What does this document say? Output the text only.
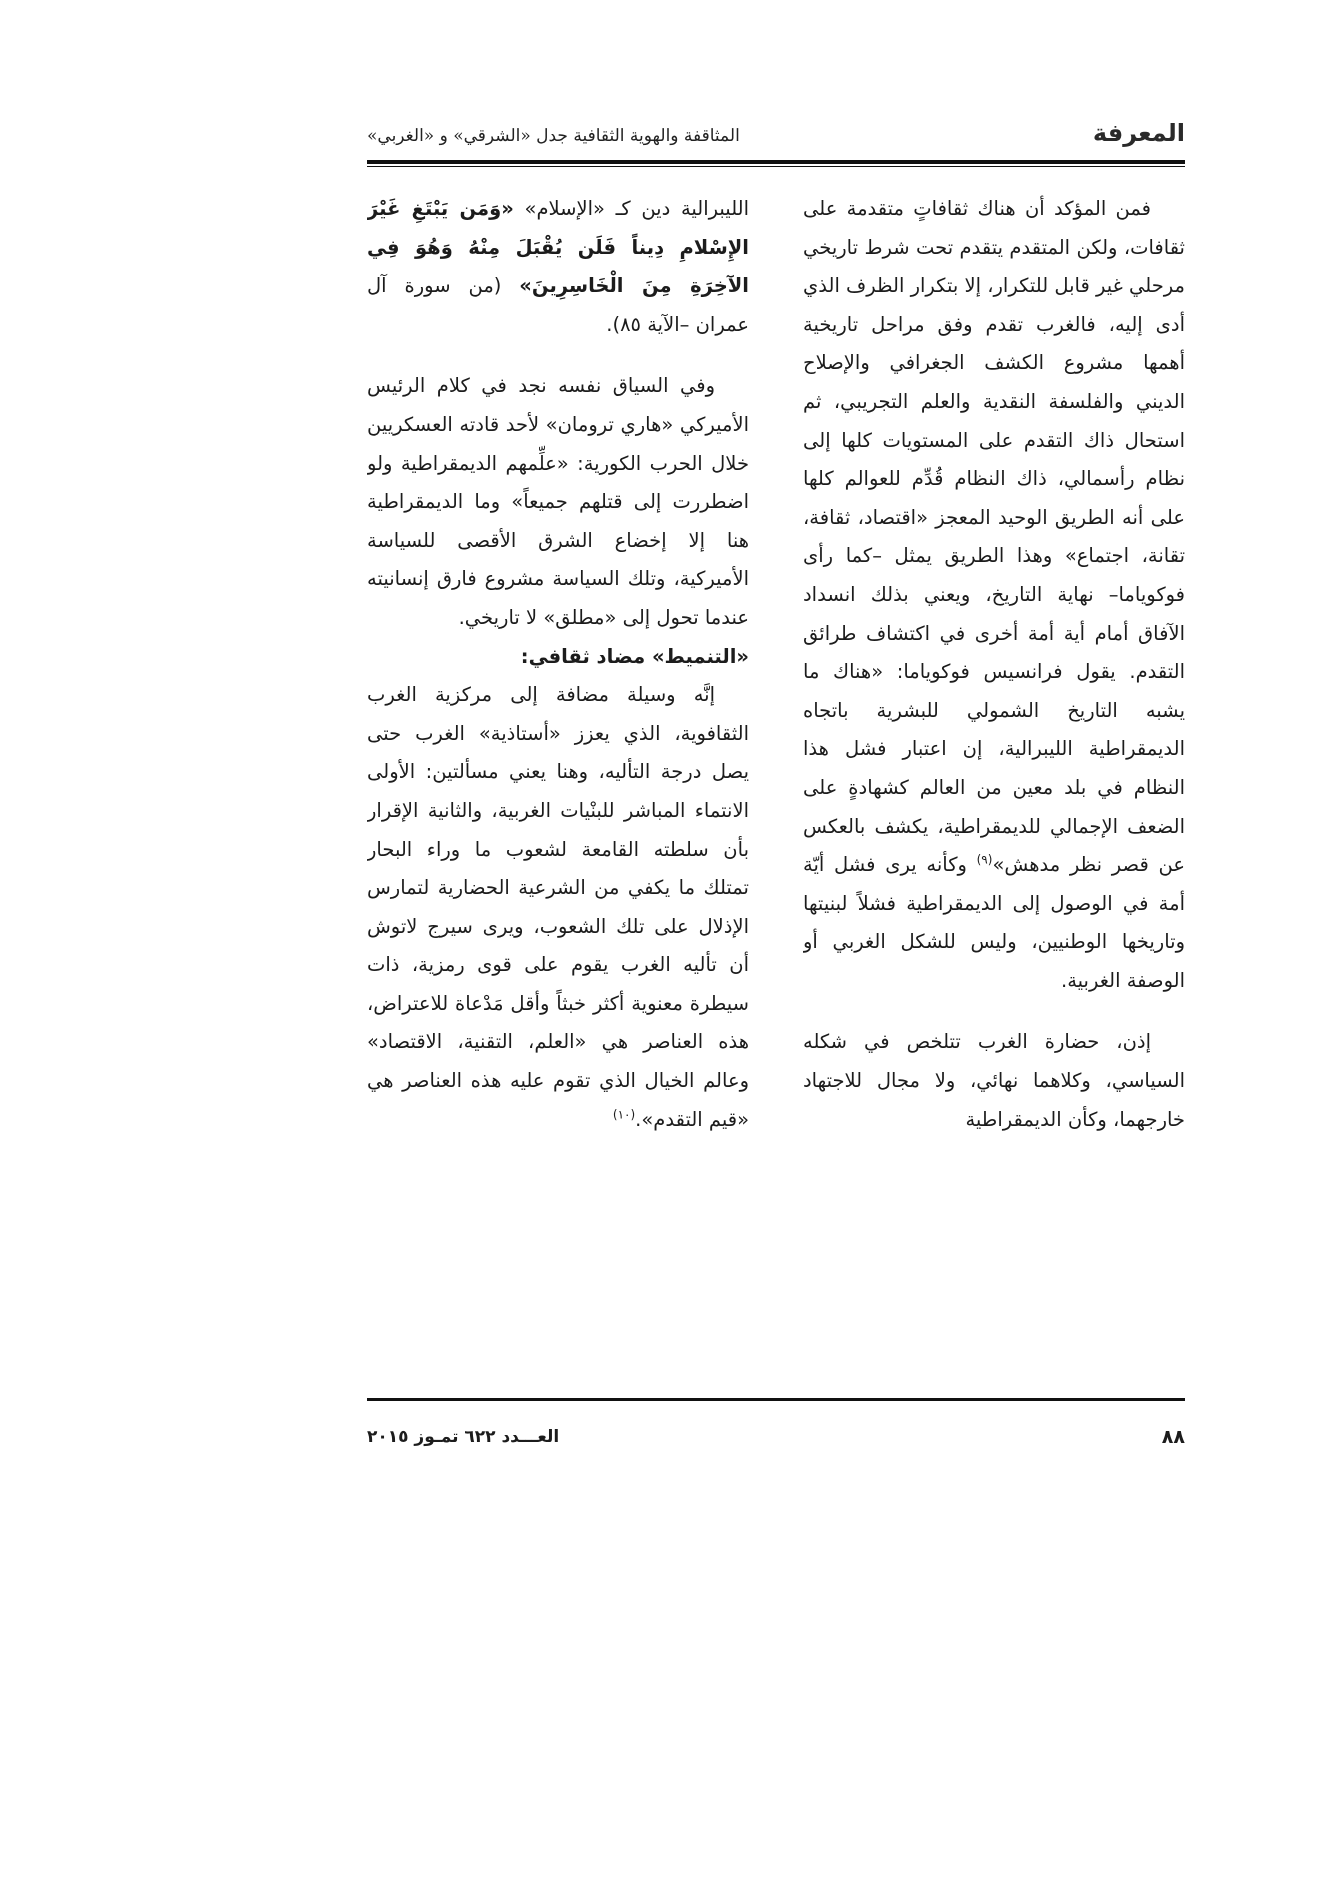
المعرفة
المثاقفة والهوية الثقافية جدل «الشرقي» و «الغربي»

فمن المؤكد أن هناك ثقافاتٍ متقدمة على ثقافات، ولكن المتقدم يتقدم تحت شرط تاريخي مرحلي غير قابل للتكرار، إلا بتكرار الظرف الذي أدى إليه، فالغرب تقدم وفق مراحل تاريخية أهمها مشروع الكشف الجغرافي والإصلاح الديني والفلسفة النقدية والعلم التجريبي، ثم استحال ذاك التقدم على المستويات كلها إلى نظام رأسمالي، ذاك النظام قُدِّم للعوالم كلها على أنه الطريق الوحيد المعجز «اقتصاد، ثقافة، تقانة، اجتماع» وهذا الطريق يمثل –كما رأى فوكوياما– نهاية التاريخ، ويعني بذلك انسداد الآفاق أمام أية أمة أخرى في اكتشاف طرائق التقدم. يقول فرانسيس فوكوياما: «هناك ما يشبه التاريخ الشمولي للبشرية باتجاه الديمقراطية الليبرالية، إن اعتبار فشل هذا النظام في بلد معين من العالم كشهادةٍ على الضعف الإجمالي للديمقراطية، يكشف بالعكس عن قصر نظر مدهش»$^{(٩)}$ وكأنه يرى فشل أيّة أمة في الوصول إلى الديمقراطية فشلاً لبنيتها وتاريخها الوطنيين، وليس للشكل الغربي أو الوصفة الغربية.

إذن، حضارة الغرب تتلخص في شكله السياسي، وكلاهما نهائي، ولا مجال للاجتهاد خارجهما، وكأن الديمقراطية

الليبرالية دين كـ «الإسلام» «وَمَن يَبْتَغِ غَيْرَ الإِسْلامِ دِيناً فَلَن يُقْبَلَ مِنْهُ وَهُوَ فِي الآخِرَةِ مِنَ الْخَاسِرِينَ» (من سورة آل عمران –الآية ٨٥).

وفي السياق نفسه نجد في كلام الرئيس الأميركي «هاري ترومان» لأحد قادته العسكريين خلال الحرب الكورية: «علِّمهم الديمقراطية ولو اضطررت إلى قتلهم جميعاً» وما الديمقراطية هنا إلا إخضاع الشرق الأقصى للسياسة الأميركية، وتلك السياسة مشروع فارق إنسانيته عندما تحول إلى «مطلق» لا تاريخي.

«التنميط» مضاد ثقافي:

إنَّه وسيلة مضافة إلى مركزية الغرب الثقافوية، الذي يعزز «أستاذية» الغرب حتى يصل درجة التأليه، وهنا يعني مسألتين: الأولى الانتماء المباشر للبنْيات الغربية، والثانية الإقرار بأن سلطته القامعة لشعوب ما وراء البحار تمتلك ما يكفي من الشرعية الحضارية لتمارس الإذلال على تلك الشعوب، ويرى سيرج لاتوش أن تأليه الغرب يقوم على قوى رمزية، ذات سيطرة معنوية أكثر خبثاً وأقل مَدْعاة للاعتراض، هذه العناصر هي «العلم، التقنية، الاقتصاد» وعالم الخيال الذي تقوم عليه هذه العناصر هي «قيم التقدم».$^{(١٠)}$

٨٨
العـــدد ٦٢٢ تمـوز ٢٠١٥
